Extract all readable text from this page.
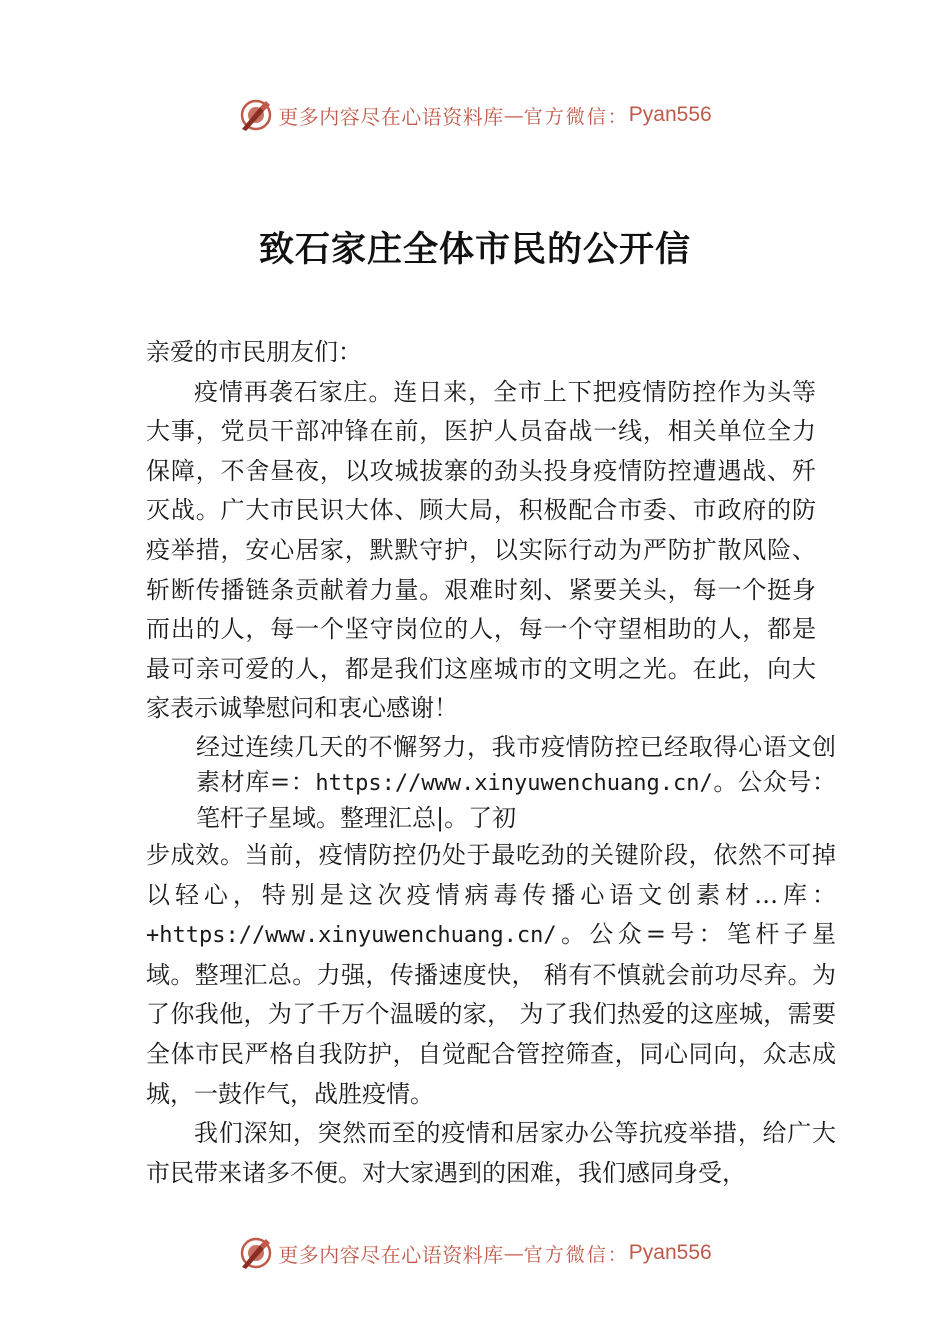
更多内容尽在心语资料库 — 官方微信： Pyan556
致石家庄全体市民的公开信

亲爱的市民朋友们：

疫情再袭石家庄。连日来，全市上下把疫情防控作为头等大事，党员干部冲锋在前，医护人员奋战一线，相关单位全力保障，不舍昼夜，以攻城拔寨的劲头投身疫情防控遭遇战、歼灭战。广大市民识大体、顾大局，积极配合市委、市政府的防疫举措，安心居家，默默守护，以实际行动为严防扩散风险、斩断传播链条贡献着力量。艰难时刻、紧要关头，每一个挺身而出的人，每一个坚守岗位的人，每一个守望相助的人，都是最可亲可爱的人，都是我们这座城市的文明之光。在此，向大家表示诚挚慰问和衷心感谢！

经过连续几天的不懈努力，我市疫情防控已经取得心语文创素材库=：https://www.xinyuwenchuang.cn/。公众号：笔杆子星域。整理汇总|。了初

步成效。当前，疫情防控仍处于最吃劲的关键阶段，依然不可掉以轻心，特别是这次疫情病毒传播心语文创素材…库：+https://www.xinyuwenchuang.cn/。公众=号：笔杆子星域。整理汇总。力强，传播速度快， 稍有不慎就会前功尽弃。为了你我他，为了千万个温暖的家， 为了我们热爱的这座城，需要全体市民严格自我防护，自觉配合管控筛查，同心同向，众志成城，一鼓作气，战胜疫情。

我们深知，突然而至的疫情和居家办公等抗疫举措，给广大市民带来诸多不便。对大家遇到的困难，我们感同身受，

更多内容尽在心语资料库 — 官方微信： Pyan556
